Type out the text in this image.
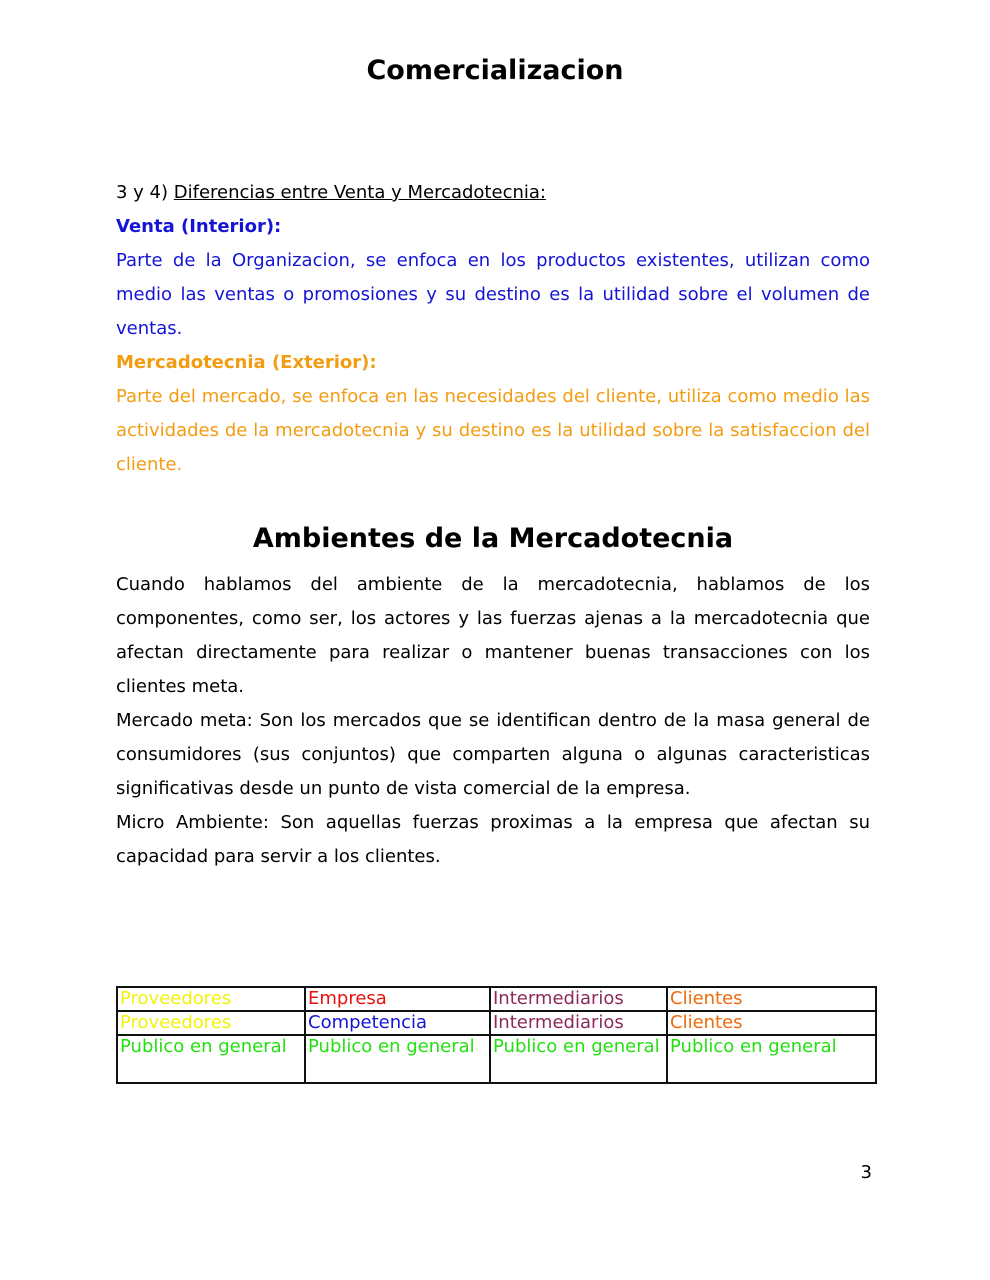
Comercializacion

3 y 4) Diferencias entre Venta y Mercadotecnia:

Venta (Interior):

Parte de la Organizacion, se enfoca en los productos existentes, utilizan como medio las ventas o promosiones y su destino es la utilidad sobre el volumen de ventas.

Mercadotecnia (Exterior):

Parte del mercado, se enfoca en las necesidades del cliente, utiliza como medio las actividades de la mercadotecnia y su destino es la utilidad sobre la satisfaccion del cliente.

Ambientes de la Mercadotecnia

Cuando hablamos del ambiente de la mercadotecnia, hablamos de los componentes, como ser, los actores y las fuerzas ajenas a la mercadotecnia que afectan directamente para realizar o mantener buenas transacciones con los clientes meta.

Mercado meta: Son los mercados que se identifican dentro de la masa general de consumidores (sus conjuntos) que comparten alguna o algunas caracteristicas significativas desde un punto de vista comercial de la empresa.

Micro Ambiente: Son aquellas fuerzas proximas a la empresa que afectan su capacidad para servir a los clientes.

Proveedores	Empresa	Intermediarios	Clientes
Proveedores	Competencia	Intermediarios	Clientes
Publico en general	Publico en general	Publico en general	Publico en general
3
